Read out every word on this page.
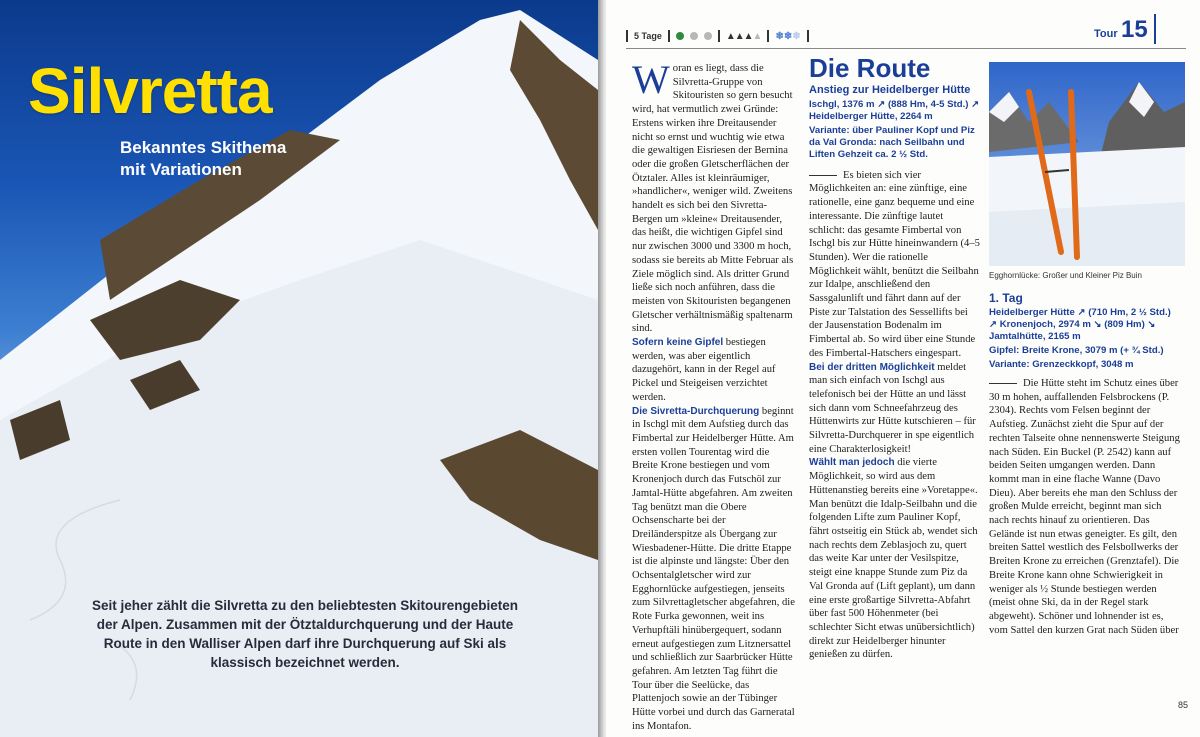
Silvretta
Bekanntes Skithema
mit Variationen
Seit jeher zählt die Silvretta zu den beliebtesten Skitourengebieten der Alpen. Zusammen mit der Ötztaldurchquerung und der Haute Route in den Walliser Alpen darf ihre Durchquerung auf Ski als klassisch bezeichnet werden.
5 Tage	▲▲▲▲ ❄❄❄	Tour 15

Woran es liegt, dass die Silvretta-Gruppe von Skitouristen so gern besucht wird, hat vermutlich zwei Gründe: Erstens wirken ihre Dreitausender nicht so ernst und wuchtig wie etwa die gewaltigen Eisriesen der Bernina oder die großen Gletscherflächen der Ötztaler. Alles ist kleinräumiger, »handlicher«, weniger wild. Zweitens handelt es sich bei den Sivretta-Bergen um »kleine« Dreitausender, das heißt, die wichtigen Gipfel sind nur zwischen 3000 und 3300 m hoch, sodass sie bereits ab Mitte Februar als Ziele möglich sind. Als dritter Grund ließe sich noch anführen, dass die meisten von Skitouristen begangenen Gletscher verhältnismäßig spaltenarm sind.

Sofern keine Gipfel bestiegen werden, was aber eigentlich dazugehört, kann in der Regel auf Pickel und Steigeisen verzichtet werden.

Die Sivretta-Durchquerung beginnt in Ischgl mit dem Aufstieg durch das Fimbertal zur Heidelberger Hütte. Am ersten vollen Tourentag wird die Breite Krone bestiegen und vom Kronenjoch durch das Futschöl zur Jamtal-Hütte abgefahren. Am zweiten Tag benützt man die Obere Ochsenscharte bei der Dreiländerspitze als Übergang zur Wiesbadener-Hütte. Die dritte Etappe ist die alpinste und längste: Über den Ochsentalgletscher wird zur Egghornlücke aufgestiegen, jenseits zum Silvrettagletscher abgefahren, die Rote Furka gewonnen, weit ins Verhupftäli hinübergequert, sodann erneut aufgestiegen zum Litznersattel und schließlich zur Saarbrücker Hütte gefahren. Am letzten Tag führt die Tour über die Seelücke, das Plattenjoch sowie an der Tübinger Hütte vorbei und durch das Garneratal ins Montafon.

Die Route
Anstieg zur Heidelberger Hütte
Ischgl, 1376 m ↗ (888 Hm, 4-5 Std.) ↗ Heidelberger Hütte, 2264 m
Variante: über Pauliner Kopf und Piz da Val Gronda: nach Seilbahn und Liften Gehzeit ca. 2 ½ Std.

Es bieten sich vier Möglichkeiten an: eine zünftige, eine rationelle, eine ganz bequeme und eine interessante. Die zünftige lautet schlicht: das gesamte Fimbertal von Ischgl bis zur Hütte hineinwandern (4–5 Stunden). Wer die rationelle Möglichkeit wählt, benützt die Seilbahn zur Idalpe, anschließend den Sassgalunlift und fährt dann auf der Piste zur Talstation des Sessellifts bei der Jausenstation Bodenalm im Fimbertal ab. So wird über eine Stunde des Fimbertal-Hatschers eingespart.

Bei der dritten Möglichkeit meldet man sich einfach von Ischgl aus telefonisch bei der Hütte an und lässt sich dann vom Schneefahrzeug des Hüttenwirts zur Hütte kutschieren – für Silvretta-Durchquerer in spe eigentlich eine Charakterlosigkeit!

Wählt man jedoch die vierte Möglichkeit, so wird aus dem Hüttenanstieg bereits eine »Voretappe«. Man benützt die Idalp-Seilbahn und die folgenden Lifte zum Pauliner Kopf, fährt ostseitig ein Stück ab, wendet sich nach rechts dem Zeblasjoch zu, quert das weite Kar unter der Vesilspitze, steigt eine knappe Stunde zum Piz da Val Gronda auf (Lift geplant), um dann eine erste großartige Silvretta-Abfahrt über fast 500 Höhenmeter (bei schlechter Sicht etwas unübersichtlich) direkt zur Heidelberger hinunter genießen zu dürfen.

Egghornlücke: Großer und Kleiner Piz Buin
1. Tag
Heidelberger Hütte ↗ (710 Hm, 2 ½ Std.) ↗ Kronenjoch, 2974 m ↘ (809 Hm) ↘ Jamtalhütte, 2165 m
Gipfel: Breite Krone, 3079 m (+ ¾ Std.)
Variante: Grenzeckkopf, 3048 m

Die Hütte steht im Schutz eines über 30 m hohen, auffallenden Felsbrockens (P. 2304). Rechts vom Felsen beginnt der Aufstieg. Zunächst zieht die Spur auf der rechten Talseite ohne nennenswerte Steigung nach Süden. Ein Buckel (P. 2542) kann auf beiden Seiten umgangen werden. Dann kommt man in eine flache Wanne (Davo Dieu). Aber bereits ehe man den Schluss der großen Mulde erreicht, beginnt man sich nach rechts hinauf zu orientieren. Das Gelände ist nun etwas geneigter. Es gilt, den breiten Sattel westlich des Felsbollwerks der Breiten Krone zu erreichen (Grenztafel). Die Breite Krone kann ohne Schwierigkeit in weniger als ½ Stunde bestiegen werden (meist ohne Ski, da in der Regel stark abgeweht). Schöner und lohnender ist es, vom Sattel den kurzen Grat nach Süden über

85
